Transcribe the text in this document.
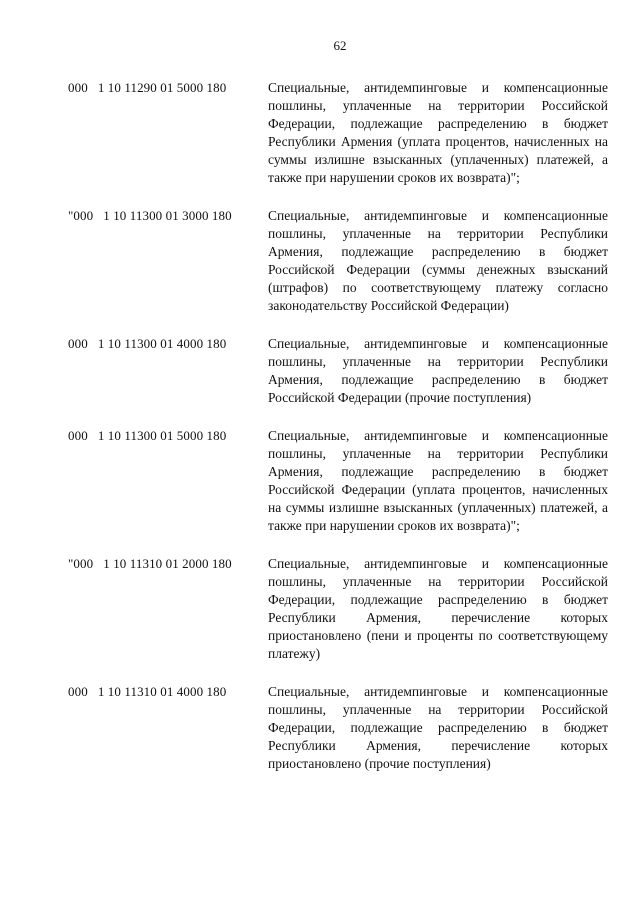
62
000   1 10 11290 01 5000 180	Специальные, антидемпинговые и компенсационные пошлины, уплаченные на территории Российской Федерации, подлежащие распределению в бюджет Республики Армения (уплата процентов, начисленных на суммы излишне взысканных (уплаченных) платежей, а также при нарушении сроков их возврата)";
"000   1 10 11300 01 3000 180	Специальные, антидемпинговые и компенсационные пошлины, уплаченные на территории Республики Армения, подлежащие распределению в бюджет Российской Федерации (суммы денежных взысканий (штрафов) по соответствующему платежу согласно законодательству Российской Федерации)
000   1 10 11300 01 4000 180	Специальные, антидемпинговые и компенсационные пошлины, уплаченные на территории Республики Армения, подлежащие распределению в бюджет Российской Федерации (прочие поступления)
000   1 10 11300 01 5000 180	Специальные, антидемпинговые и компенсационные пошлины, уплаченные на территории Республики Армения, подлежащие распределению в бюджет Российской Федерации (уплата процентов, начисленных на суммы излишне взысканных (уплаченных) платежей, а также при нарушении сроков их возврата)";
"000   1 10 11310 01 2000 180	Специальные, антидемпинговые и компенсационные пошлины, уплаченные на территории Российской Федерации, подлежащие распределению в бюджет Республики Армения, перечисление которых приостановлено (пени и проценты по соответствующему платежу)
000   1 10 11310 01 4000 180	Специальные, антидемпинговые и компенсационные пошлины, уплаченные на территории Российской Федерации, подлежащие распределению в бюджет Республики Армения, перечисление которых приостановлено (прочие поступления)
